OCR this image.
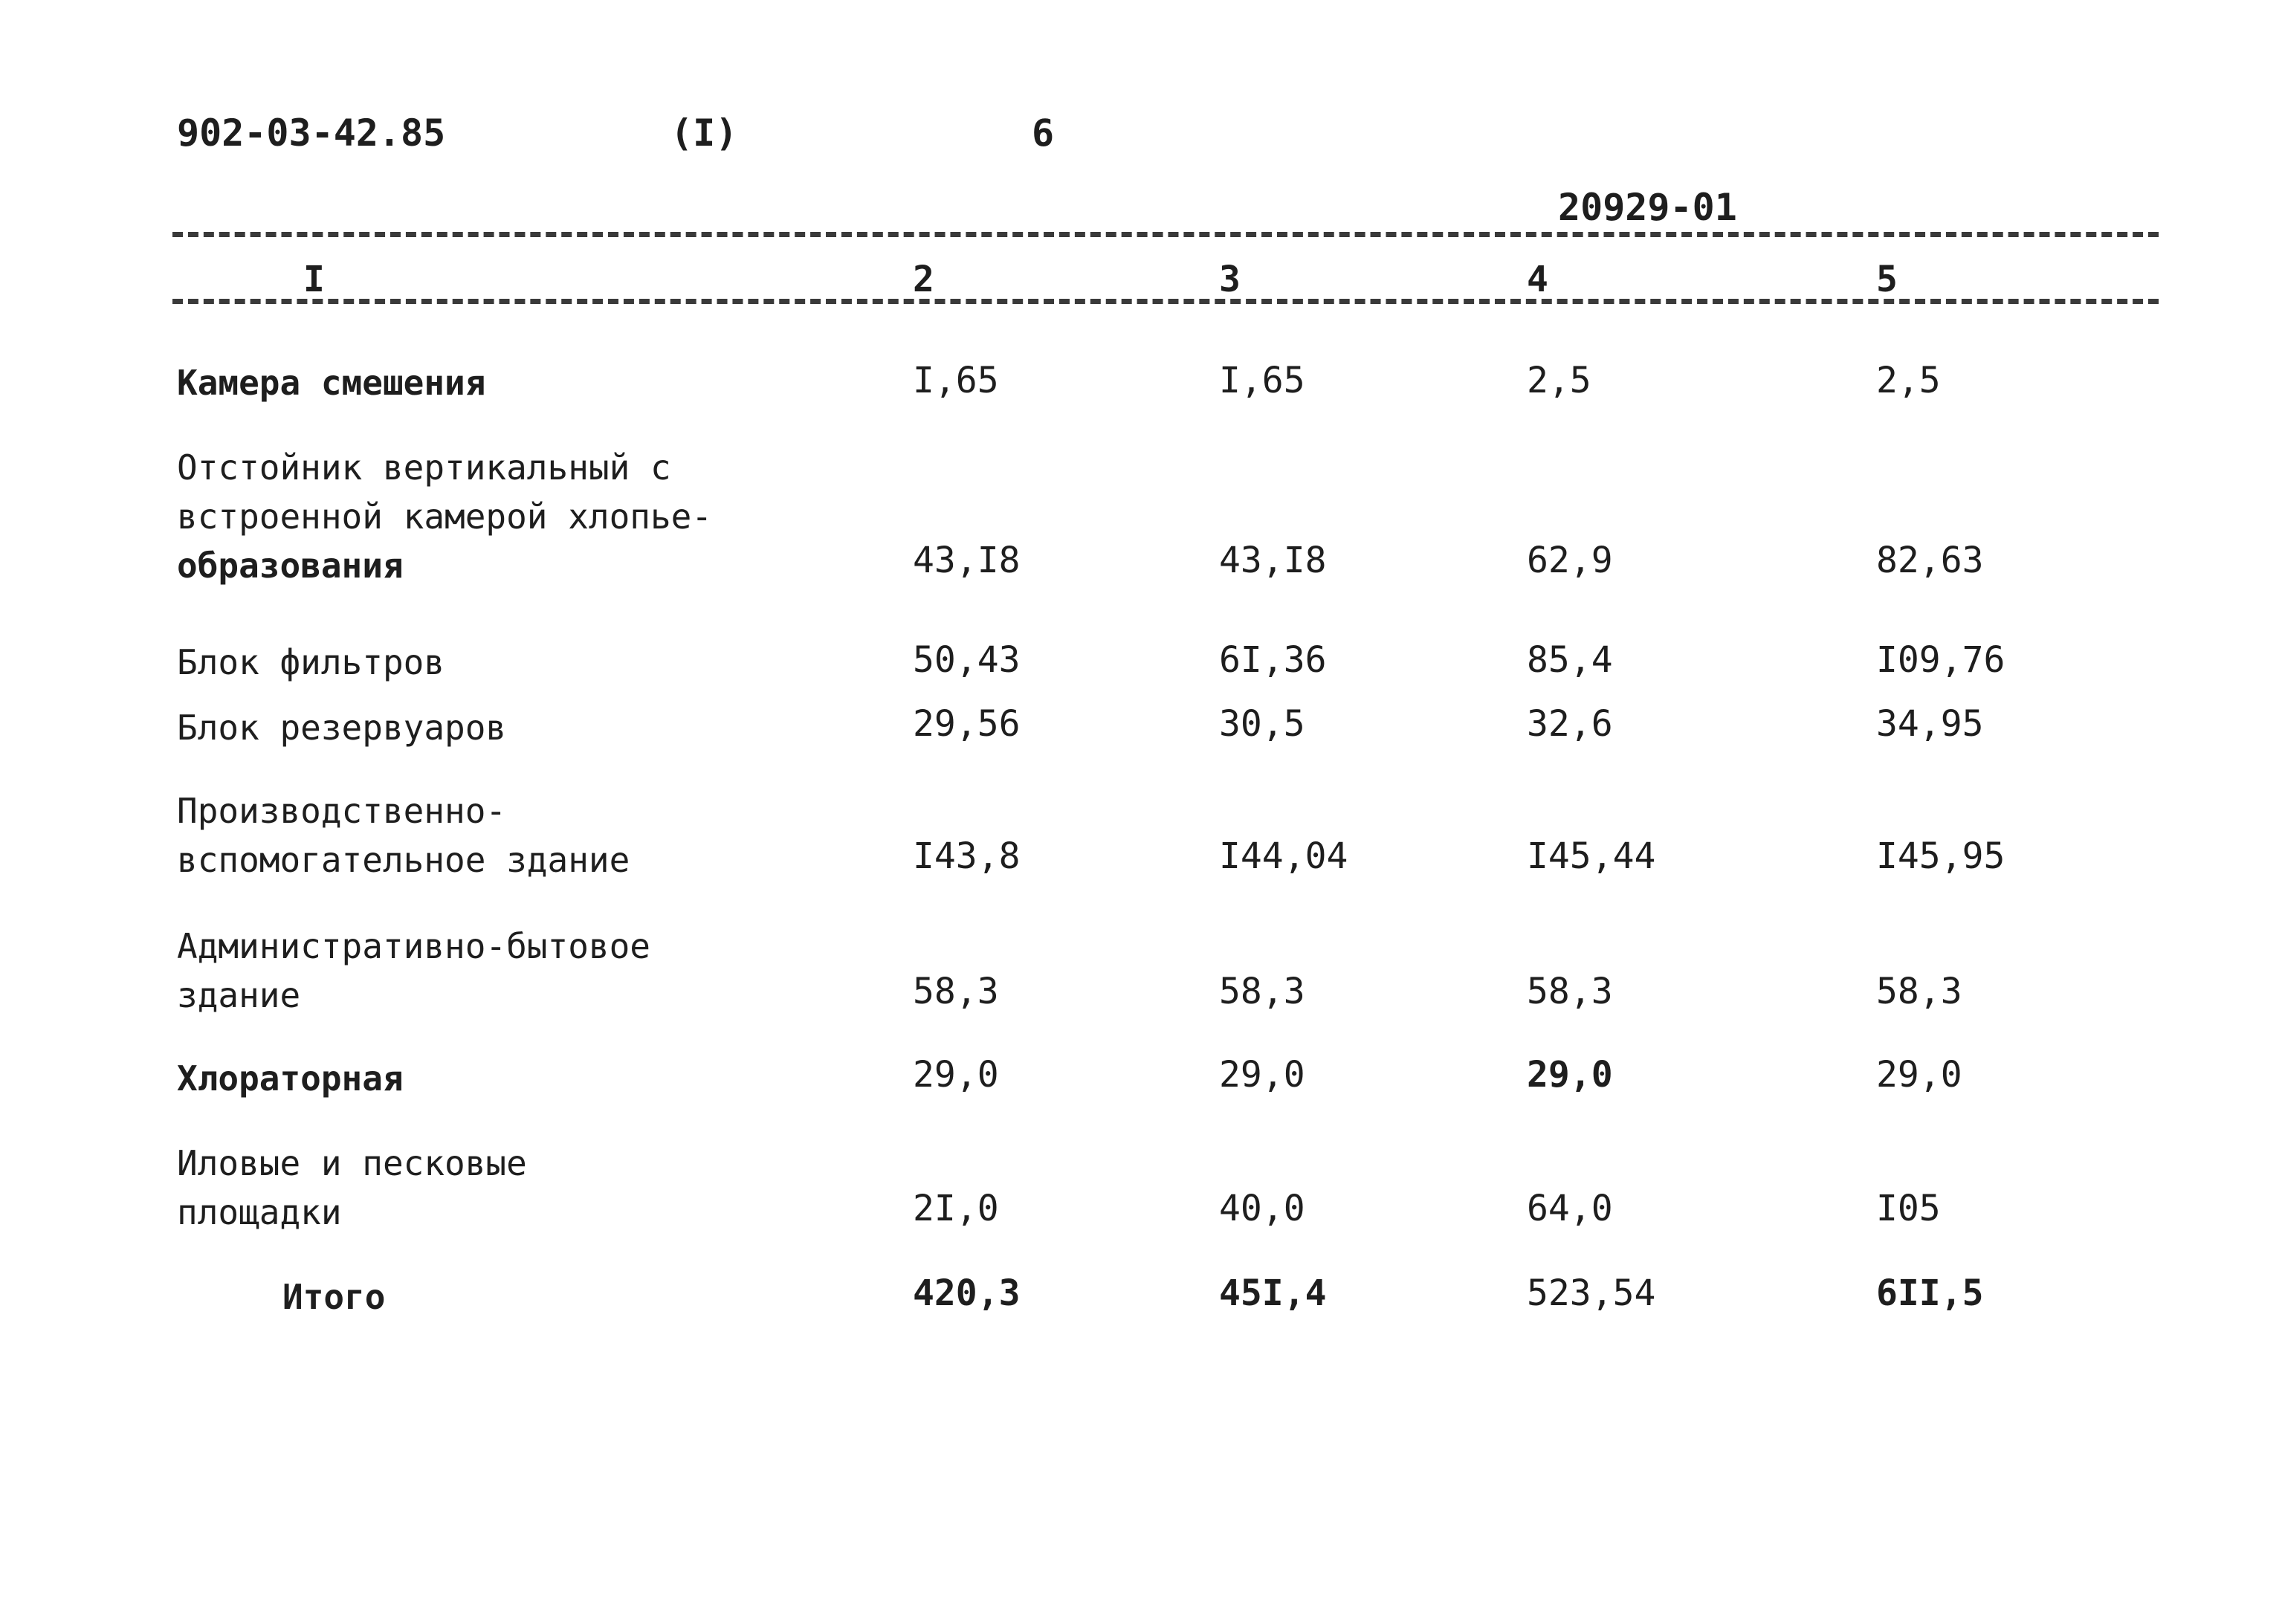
902-03-42.85	(I)	6
20929-01
I	2	3	4	5
Камера смешения	I,65	I,65	2,5	2,5
Отстойник вертикальный с
встроенной камерой хлопье-
образования	43,I8	43,I8	62,9	82,63
Блок фильтров	50,43	6I,36	85,4	I09,76
Блок резервуаров	29,56	30,5	32,6	34,95
Производственно-
вспомогательное здание	I43,8	I44,04	I45,44	I45,95
Административно-бытовое
здание	58,3	58,3	58,3	58,3
Хлораторная	29,0	29,0	29,0	29,0
Иловые и песковые
площадки	2I,0	40,0	64,0	I05
Итого	420,3	45I,4	523,54	6II,5
